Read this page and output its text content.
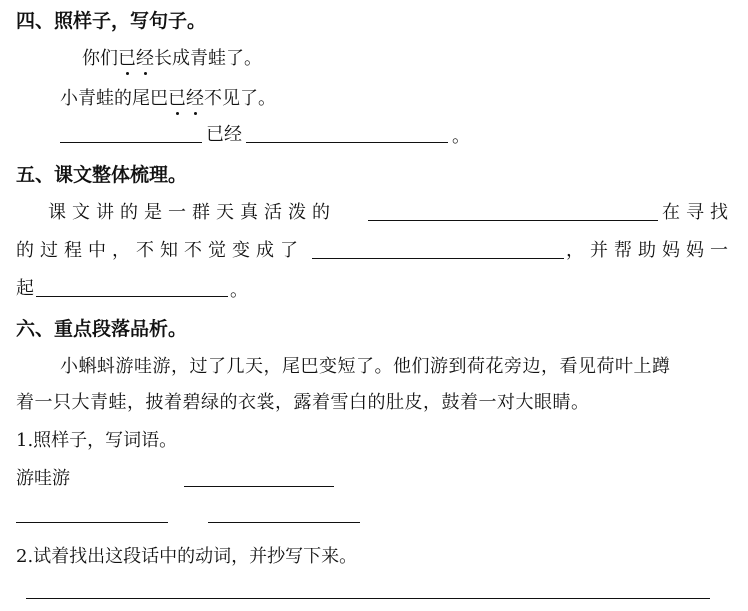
四、照样子，写句子。
你们已经长成青蛙了。
小青蛙的尾巴已经不见了。
已经	。
五、课文整体梳理。
课文讲的是一群天真活泼的	在寻找
的过程中，不知不觉变成了	，并帮助妈妈一
起	。
六、重点段落品析。
小蝌蚪游哇游，过了几天，尾巴变短了。他们游到荷花旁边，看见荷叶上蹲
着一只大青蛙，披着碧绿的衣裳，露着雪白的肚皮，鼓着一对大眼睛。
1.照样子，写词语。
游哇游
2.试着找出这段话中的动词，并抄写下来。
